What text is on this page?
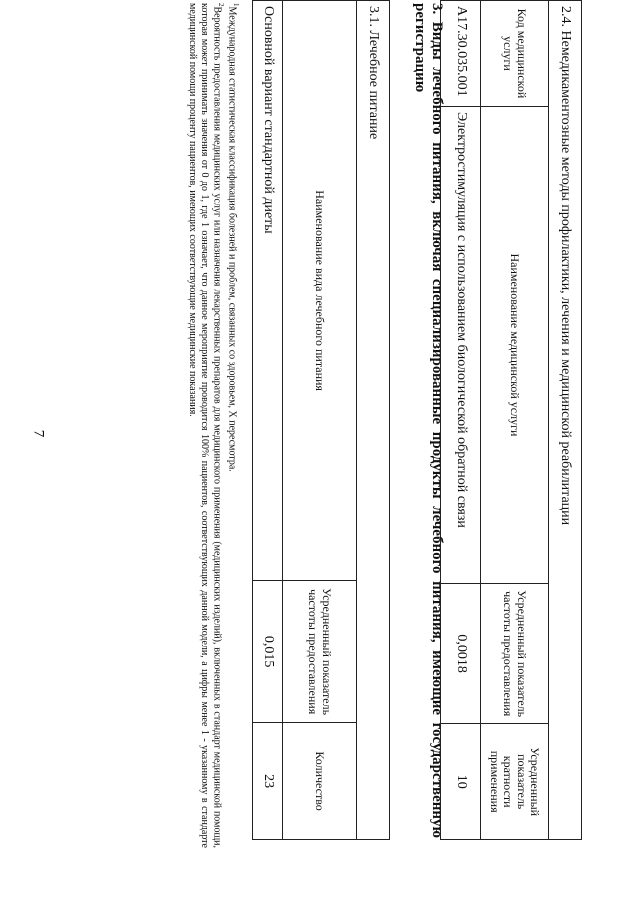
7	2.4. Немедикаментозные методы профилактики, лечения и медицинской реабилитации			
Код медицинской услуги	Наименование медицинской услуги	Усредненный показатель частоты предоставления	Усредненный показатель кратности применения
A17.30.035.001	Электростимуляция с использованием биологической обратной связи	0,0018	10
3. Виды лечебного питания, включая специализированные продукты лечебного питания, имеющие государственную регистрацию
3.1. Лечебное питание		
Наименование вида лечебного питания	Усредненный показатель частоты предоставления	Количество
Основной вариант стандартной диеты	0,015	23

$^1$Международная статистическая классификация болезней и проблем, связанных со здоровьем, X пересмотра.

$^2$Вероятность предоставления медицинских услуг или назначения лекарственных препаратов для медицинского применения (медицинских изделий), включенных в стандарт медицинской помощи, которая может принимать значения от 0 до 1, где 1 означает, что данное мероприятие проводится 100% пациентов, соответствующих данной модели, а цифры менее 1 - указанному в стандарте медицинской помощи проценту пациентов, имеющих соответствующие медицинские показания.
